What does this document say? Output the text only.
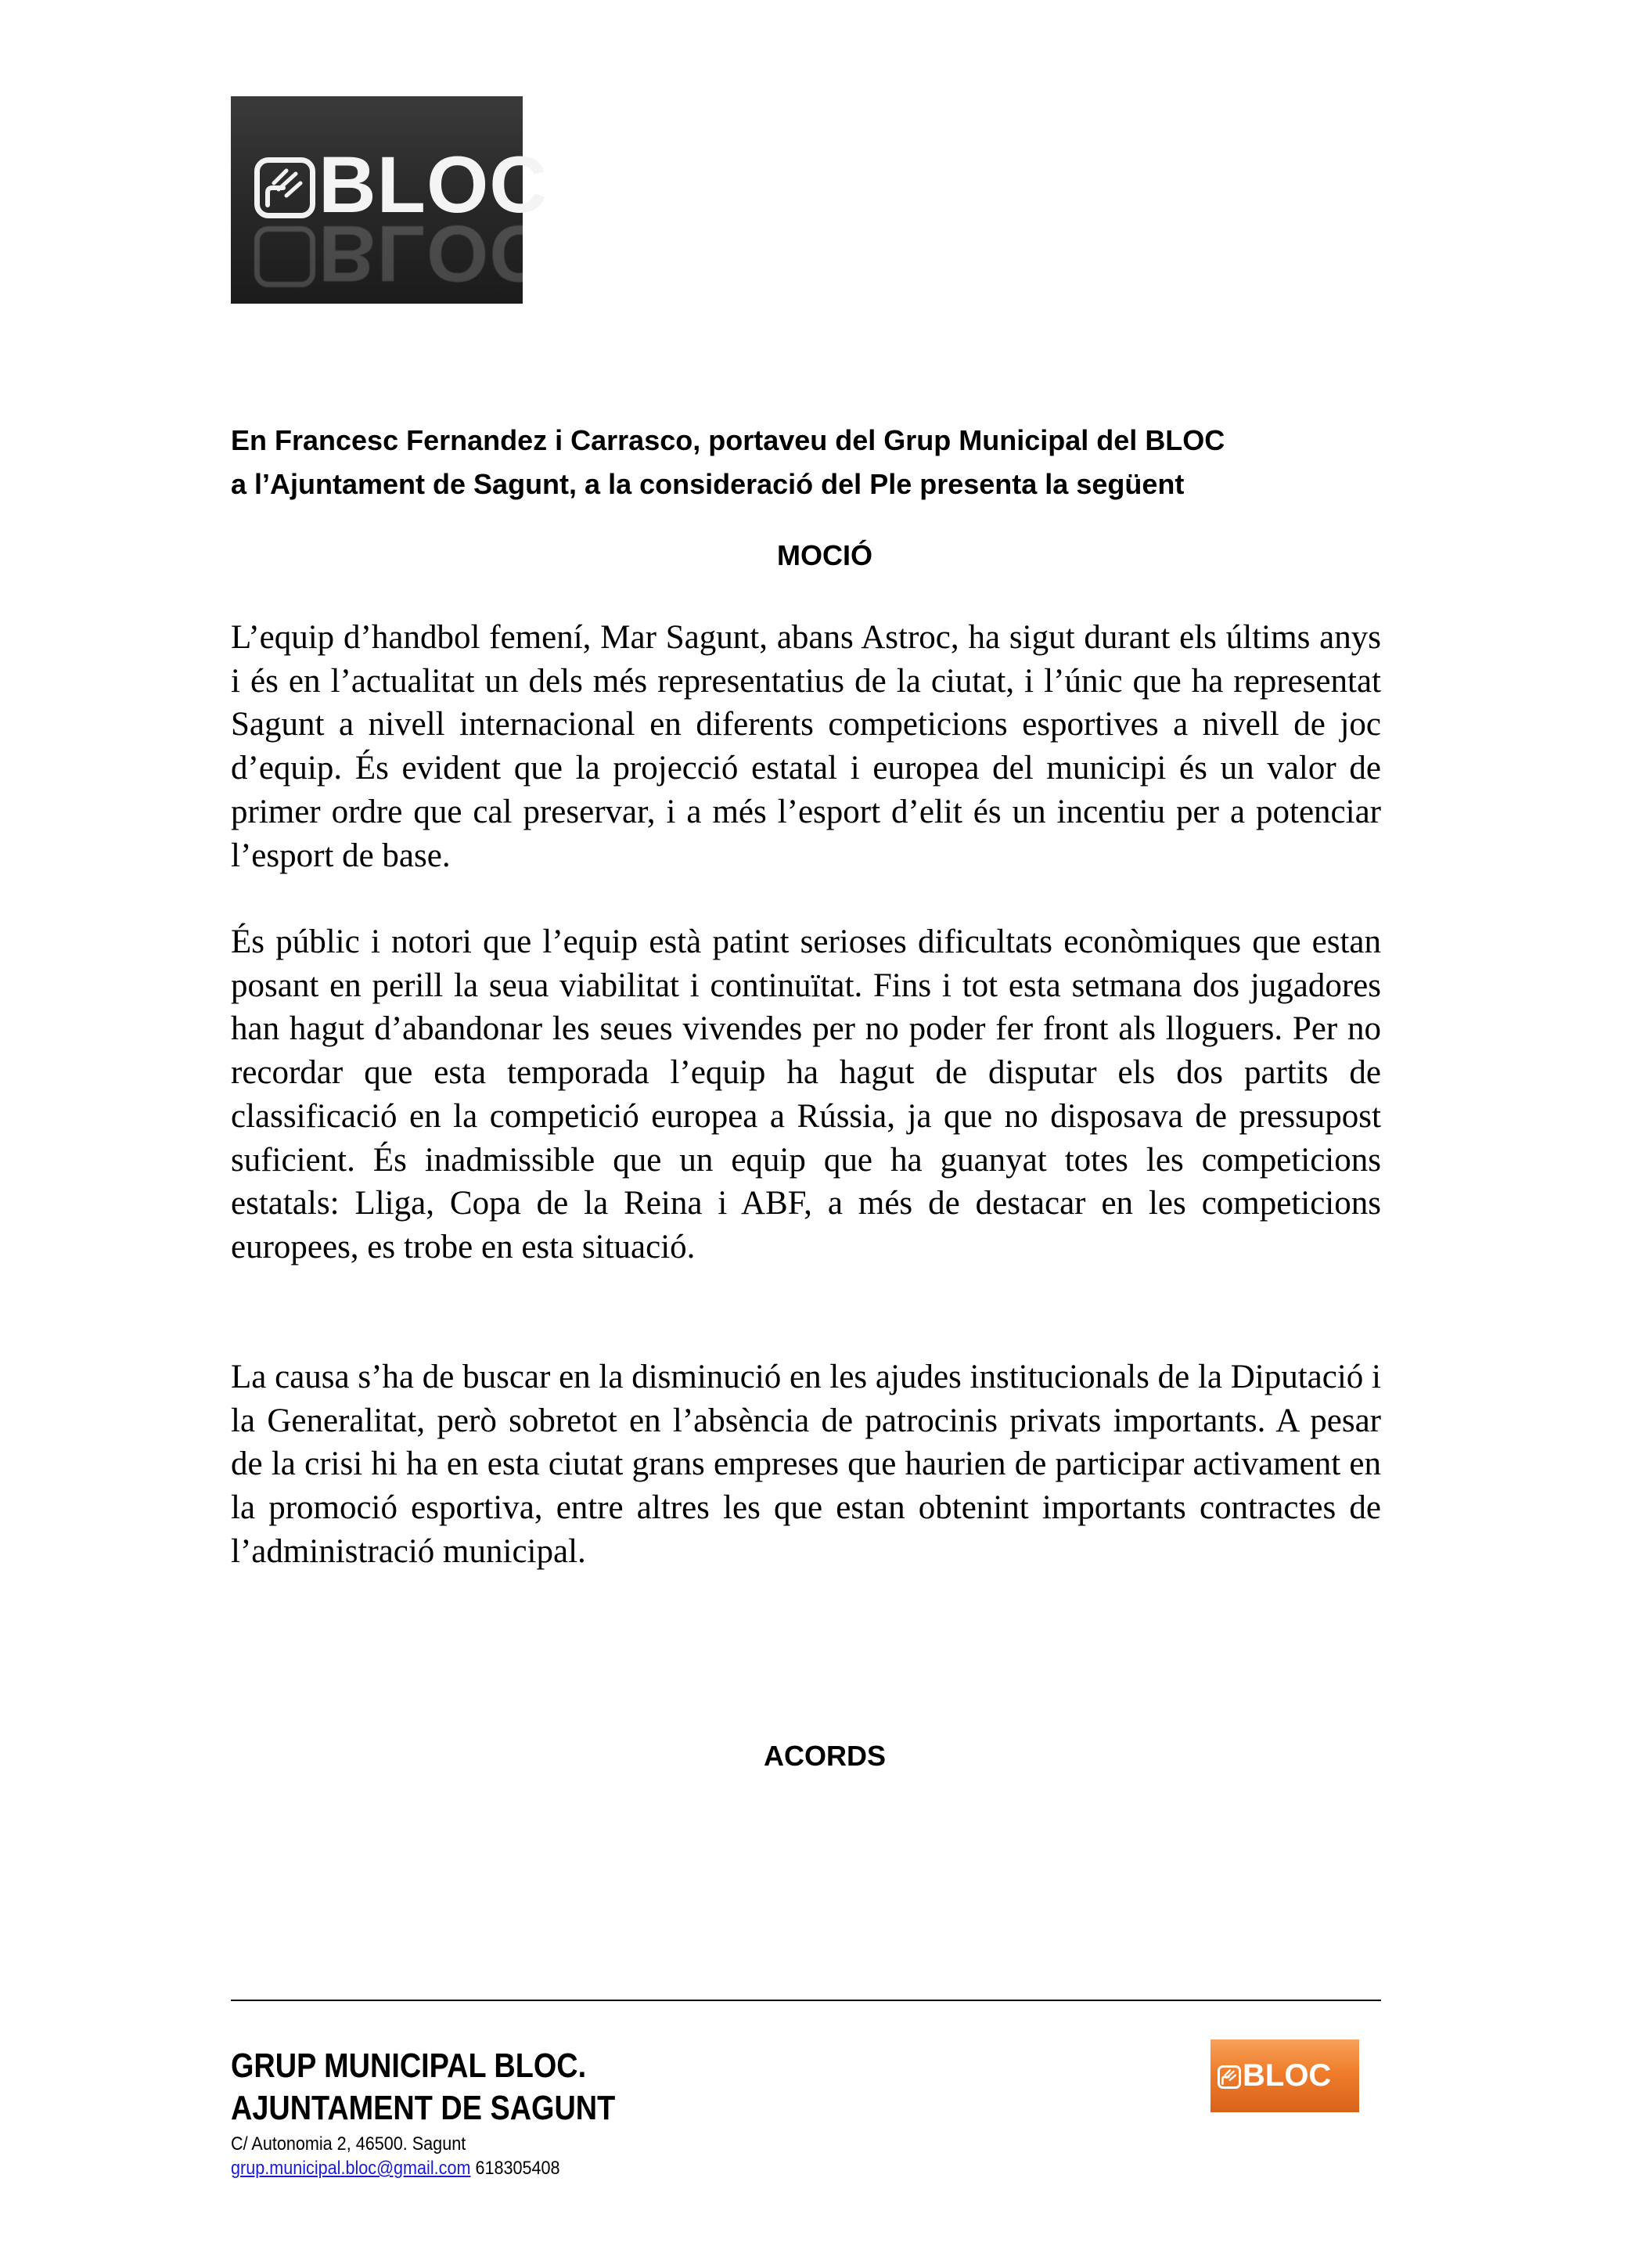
BLOC
BLOC

En Francesc Fernandez i Carrasco, portaveu del Grup Municipal del BLOC
a l’Ajuntament de Sagunt, a la consideració del Ple presenta la següent

MOCIÓ

L’equip d’handbol femení, Mar Sagunt, abans Astroc, ha sigut durant els últims anys i és en l’actualitat un dels més representatius de la ciutat, i l’únic que ha representat Sagunt a nivell internacional en diferents competicions esportives a nivell de joc d’equip. És evident que la projecció estatal i europea del municipi és un valor de primer ordre que cal preservar, i a més l’esport d’elit és un incentiu per a potenciar l’esport de base.

És públic i notori que l’equip està patint serioses dificultats econòmiques que estan posant en perill la seua viabilitat i continuïtat. Fins i tot esta setmana dos jugadores han hagut d’abandonar les seues vivendes per no poder fer front als lloguers. Per no recordar que esta temporada l’equip ha hagut de disputar els dos partits de classificació en la competició europea a Rússia, ja que no disposava de pressupost suficient. És inadmissible que un equip que ha guanyat totes les competicions estatals: Lliga, Copa de la Reina i ABF, a més de destacar en les competicions europees, es trobe en esta situació.

La causa s’ha de buscar en la disminució en les ajudes institucionals de la Diputació i la Generalitat, però sobretot en l’absència de patrocinis privats importants. A pesar de la crisi hi ha en esta ciutat grans empreses que haurien de participar activament en la promoció esportiva, entre altres les que estan obtenint importants contractes de l’administració municipal.

ACORDS

GRUP MUNICIPAL BLOC.

AJUNTAMENT DE SAGUNT

C/ Autonomia 2, 46500. Sagunt
grup.municipal.bloc@gmail.com 618305408
BLOC
